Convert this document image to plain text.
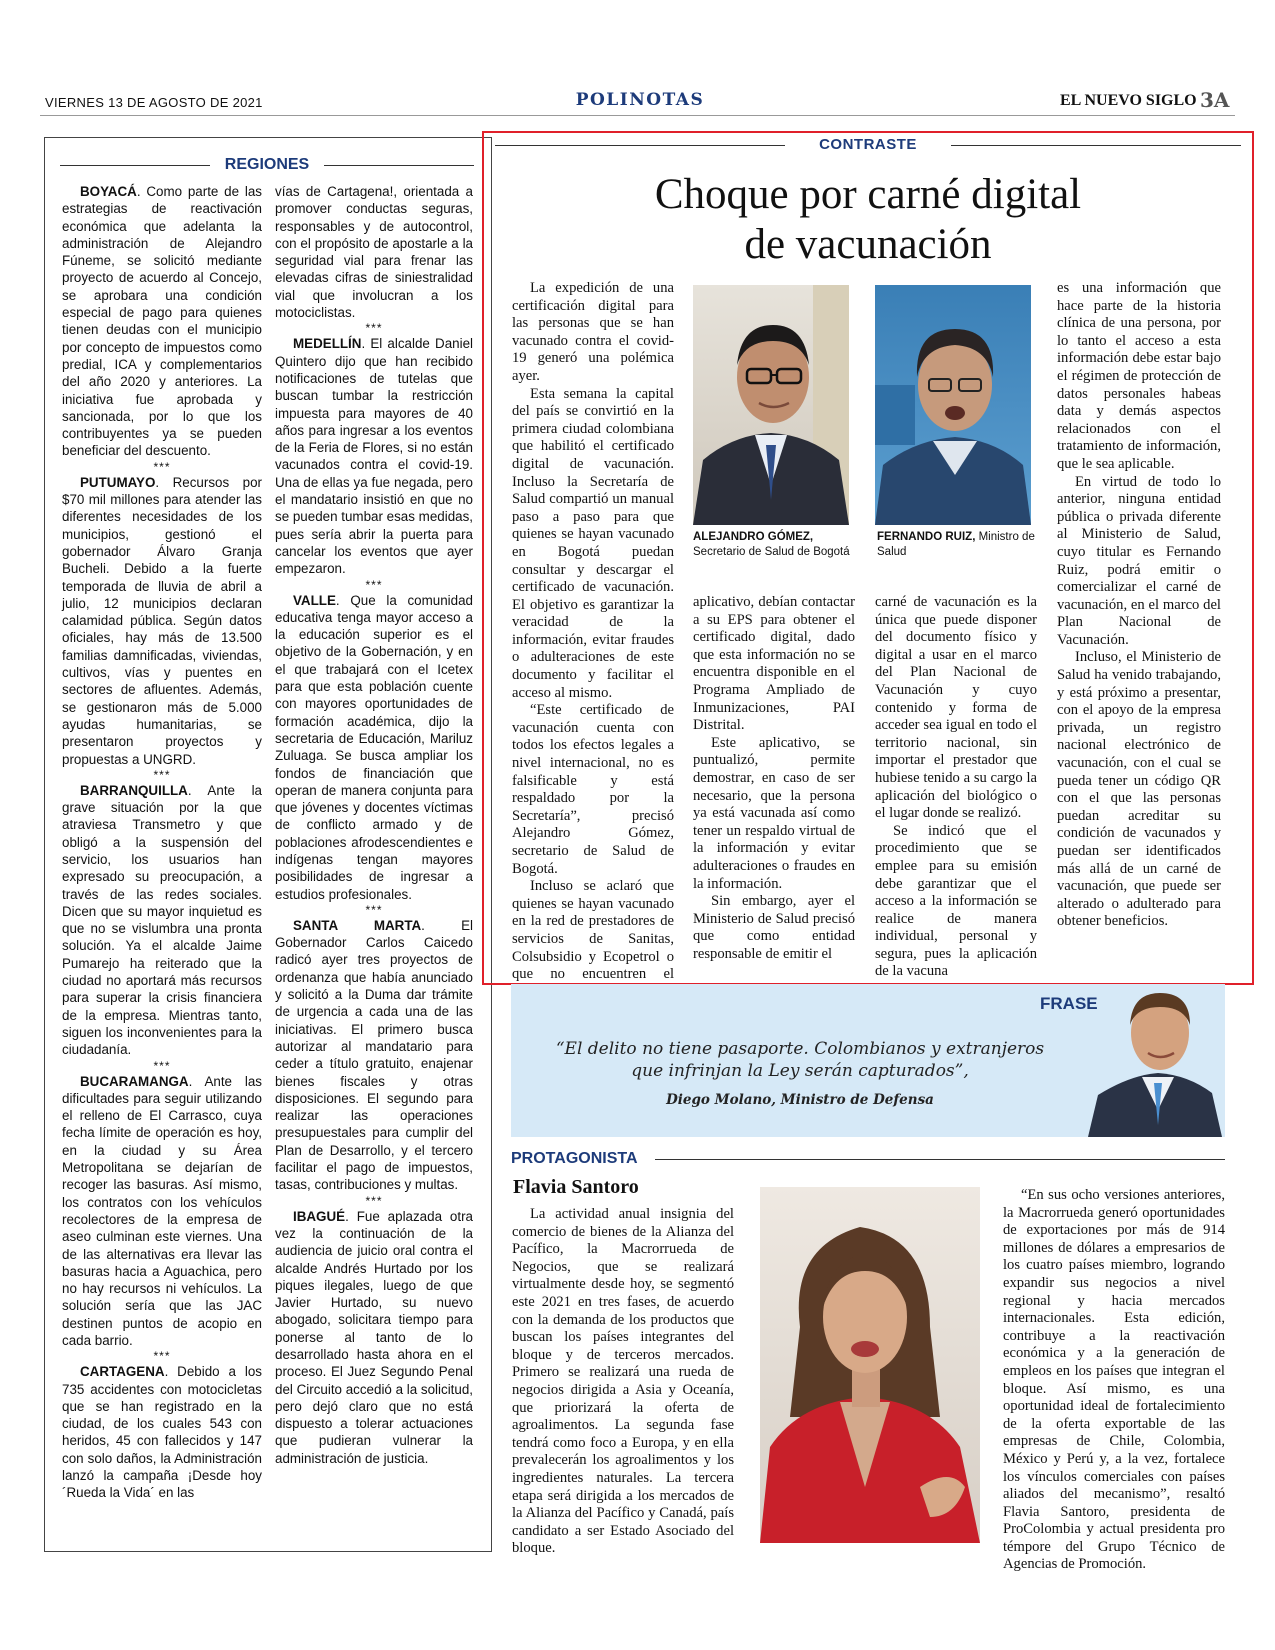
VIERNES 13 DE AGOSTO DE 2021	POLINOTAS	EL NUEVO SIGLO 3A
REGIONES

BOYACÁ. Como parte de las estrategias de reactivación económica que adelanta la administración de Alejandro Fúneme, se solicitó mediante proyecto de acuerdo al Concejo, se aprobara una condición especial de pago para quienes tienen deudas con el municipio por concepto de impuestos como predial, ICA y complementarios del año 2020 y anteriores. La iniciativa fue aprobada y sancionada, por lo que los contribuyentes ya se pueden beneficiar del descuento.

***

PUTUMAYO. Recursos por $70 mil millones para atender las diferentes necesidades de los municipios, gestionó el gobernador Álvaro Granja Bucheli. Debido a la fuerte temporada de lluvia de abril a julio, 12 municipios declaran calamidad pública. Según datos oficiales, hay más de 13.500 familias damnificadas, viviendas, cultivos, vías y puentes en sectores de afluentes. Además, se gestionaron más de 5.000 ayudas humanitarias, se presentaron proyectos y propuestas a UNGRD.

***

BARRANQUILLA. Ante la grave situación por la que atraviesa Transmetro y que obligó a la suspensión del servicio, los usuarios han expresado su preocupación, a través de las redes sociales. Dicen que su mayor inquietud es que no se vislumbra una pronta solución. Ya el alcalde Jaime Pumarejo ha reiterado que la ciudad no aportará más recursos para superar la crisis financiera de la empresa. Mientras tanto, siguen los inconvenientes para la ciudadanía.

***

BUCARAMANGA. Ante las dificultades para seguir utilizando el relleno de El Carrasco, cuya fecha límite de operación es hoy, en la ciudad y su Área Metropolitana se dejarían de recoger las basuras. Así mismo, los contratos con los vehículos recolectores de la empresa de aseo culminan este viernes. Una de las alternativas era llevar las basuras hacia a Aguachica, pero no hay recursos ni vehículos. La solución sería que las JAC destinen puntos de acopio en cada barrio.

***

CARTAGENA. Debido a los 735 accidentes con motocicletas que se han registrado en la ciudad, de los cuales 543 con heridos, 45 con fallecidos y 147 con solo daños, la Administración lanzó la campaña ¡Desde hoy ´Rueda la Vida´ en las

vías de Cartagena!, orientada a promover conductas seguras, responsables y de autocontrol, con el propósito de apostarle a la seguridad vial para frenar las elevadas cifras de siniestralidad vial que involucran a los motociclistas.

***

MEDELLÍN. El alcalde Daniel Quintero dijo que han recibido notificaciones de tutelas que buscan tumbar la restricción impuesta para mayores de 40 años para ingresar a los eventos de la Feria de Flores, si no están vacunados contra el covid-19. Una de ellas ya fue negada, pero el mandatario insistió en que no se pueden tumbar esas medidas, pues sería abrir la puerta para cancelar los eventos que ayer empezaron.

***

VALLE. Que la comunidad educativa tenga mayor acceso a la educación superior es el objetivo de la Gobernación, y en el que trabajará con el Icetex para que esta población cuente con mayores oportunidades de formación académica, dijo la secretaria de Educación, Mariluz Zuluaga. Se busca ampliar los fondos de financiación que operan de manera conjunta para que jóvenes y docentes víctimas de conflicto armado y de poblaciones afrodescendientes e indígenas tengan mayores posibilidades de ingresar a estudios profesionales.

***

SANTA MARTA. El Gobernador Carlos Caicedo radicó ayer tres proyectos de ordenanza que había anunciado y solicitó a la Duma dar trámite de urgencia a cada una de las iniciativas. El primero busca autorizar al mandatario para ceder a título gratuito, enajenar bienes fiscales y otras disposiciones. El segundo para realizar las operaciones presupuestales para cumplir del Plan de Desarrollo, y el tercero facilitar el pago de impuestos, tasas, contribuciones y multas.

***

IBAGUÉ. Fue aplazada otra vez la continuación de la audiencia de juicio oral contra el alcalde Andrés Hurtado por los piques ilegales, luego de que Javier Hurtado, su nuevo abogado, solicitara tiempo para ponerse al tanto de lo desarrollado hasta ahora en el proceso. El Juez Segundo Penal del Circuito accedió a la solicitud, pero dejó claro que no está dispuesto a tolerar actuaciones que pudieran vulnerar la administración de justicia.

CONTRASTE
Choque por carné digital
de vacunación

La expedición de una certificación digital para las personas que se han vacunado contra el covid-19 generó una polémica ayer.

Esta semana la capital del país se convirtió en la primera ciudad colombiana que habilitó el certificado digital de vacunación. Incluso la Secretaría de Salud compartió un manual paso a paso para que quienes se hayan vacunado en Bogotá puedan consultar y descargar el certificado de vacunación. El objetivo es garantizar la veracidad de la información, evitar fraudes o adulteraciones de este documento y facilitar el acceso al mismo.

“Este certificado de vacunación cuenta con todos los efectos legales a nivel internacional, no es falsificable y está respaldado por la Secretaría”, precisó Alejandro Gómez, secretario de Salud de Bogotá.

Incluso se aclaró que quienes se hayan vacunado en la red de prestadores de servicios de Sanitas, Colsubsidio y Ecopetrol o que no encuentren el

ALEJANDRO GÓMEZ, Secretario de Salud de Bogotá
FERNANDO RUIZ, Ministro de Salud

aplicativo, debían contactar a su EPS para obtener el certificado digital, dado que esta información no se encuentra disponible en el Programa Ampliado de Inmunizaciones, PAI Distrital.

Este aplicativo, se puntualizó, permite demostrar, en caso de ser necesario, que la persona ya está vacunada así como tener un respaldo virtual de la información y evitar adulteraciones o fraudes en la información.

Sin embargo, ayer el Ministerio de Salud precisó que como entidad responsable de emitir el

carné de vacunación es la única que puede disponer del documento físico y digital a usar en el marco del Plan Nacional de Vacunación y cuyo contenido y forma de acceder sea igual en todo el territorio nacional, sin importar el prestador que hubiese tenido a su cargo la aplicación del biológico o el lugar donde se realizó.

Se indicó que el procedimiento que se emplee para su emisión debe garantizar que el acceso a la información se realice de manera individual, personal y segura, pues la aplicación de la vacuna

es una información que hace parte de la historia clínica de una persona, por lo tanto el acceso a esta información debe estar bajo el régimen de protección de datos personales habeas data y demás aspectos relacionados con el tratamiento de información, que le sea aplicable.

En virtud de todo lo anterior, ninguna entidad pública o privada diferente al Ministerio de Salud, cuyo titular es Fernando Ruiz, podrá emitir o comercializar el carné de vacunación, en el marco del Plan Nacional de Vacunación.

Incluso, el Ministerio de Salud ha venido trabajando, y está próximo a presentar, con el apoyo de la empresa privada, un registro nacional electrónico de vacunación, con el cual se pueda tener un código QR con el que las personas puedan acreditar su condición de vacunados y puedan ser identificados más allá de un carné de vacunación, que puede ser alterado o adulterado para obtener beneficios.

FRASE
“El delito no tiene pasaporte. Colombianos y extranjeros
que infrinjan la Ley serán capturados”,
Diego Molano, Ministro de Defensa
PROTAGONISTA
Flavia Santoro

La actividad anual insignia del comercio de bienes de la Alianza del Pacífico, la Macrorrueda de Negocios, que se realizará virtualmente desde hoy, se segmentó este 2021 en tres fases, de acuerdo con la demanda de los productos que buscan los países integrantes del bloque y de terceros mercados. Primero se realizará una rueda de negocios dirigida a Asia y Oceanía, que priorizará la oferta de agroalimentos. La segunda fase tendrá como foco a Europa, y en ella prevalecerán los agroalimentos y los ingredientes naturales. La tercera etapa será dirigida a los mercados de la Alianza del Pacífico y Canadá, país candidato a ser Estado Asociado del bloque.

“En sus ocho versiones anteriores, la Macrorrueda generó oportunidades de exportaciones por más de 914 millones de dólares a empresarios de los cuatro países miembro, logrando expandir sus negocios a nivel regional y hacia mercados internacionales. Esta edición, contribuye a la reactivación económica y a la generación de empleos en los países que integran el bloque. Así mismo, es una oportunidad ideal de fortalecimiento de la oferta exportable de las empresas de Chile, Colombia, México y Perú y, a la vez, fortalece los vínculos comerciales con países aliados del mecanismo”, resaltó Flavia Santoro, presidenta de ProColombia y actual presidenta pro témpore del Grupo Técnico de Agencias de Promoción.
